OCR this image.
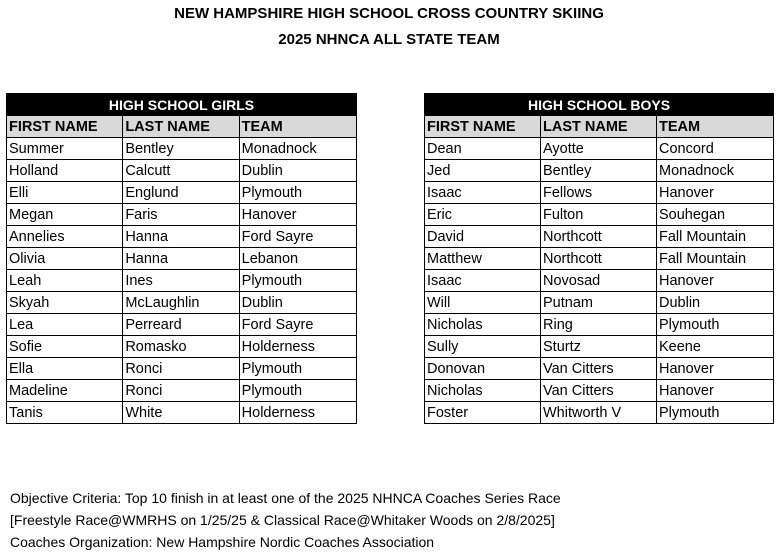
NEW HAMPSHIRE HIGH SCHOOL CROSS COUNTRY SKIING
2025 NHNCA ALL STATE TEAM
HIGH SCHOOL GIRLS		
FIRST NAME	LAST NAME	TEAM
Summer	Bentley	Monadnock
Holland	Calcutt	Dublin
Elli	Englund	Plymouth
Megan	Faris	Hanover
Annelies	Hanna	Ford Sayre
Olivia	Hanna	Lebanon
Leah	Ines	Plymouth
Skyah	McLaughlin	Dublin
Lea	Perreard	Ford Sayre
Sofie	Romasko	Holderness
Ella	Ronci	Plymouth
Madeline	Ronci	Plymouth
Tanis	White	Holderness
HIGH SCHOOL BOYS		
FIRST NAME	LAST NAME	TEAM
Dean	Ayotte	Concord
Jed	Bentley	Monadnock
Isaac	Fellows	Hanover
Eric	Fulton	Souhegan
David	Northcott	Fall Mountain
Matthew	Northcott	Fall Mountain
Isaac	Novosad	Hanover
Will	Putnam	Dublin
Nicholas	Ring	Plymouth
Sully	Sturtz	Keene
Donovan	Van Citters	Hanover
Nicholas	Van Citters	Hanover
Foster	Whitworth V	Plymouth
Objective Criteria: Top 10 finish in at least one of the 2025 NHNCA Coaches Series Race
[Freestyle Race@WMRHS on 1/25/25 & Classical Race@Whitaker Woods on 2/8/2025]
Coaches Organization: New Hampshire Nordic Coaches Association
